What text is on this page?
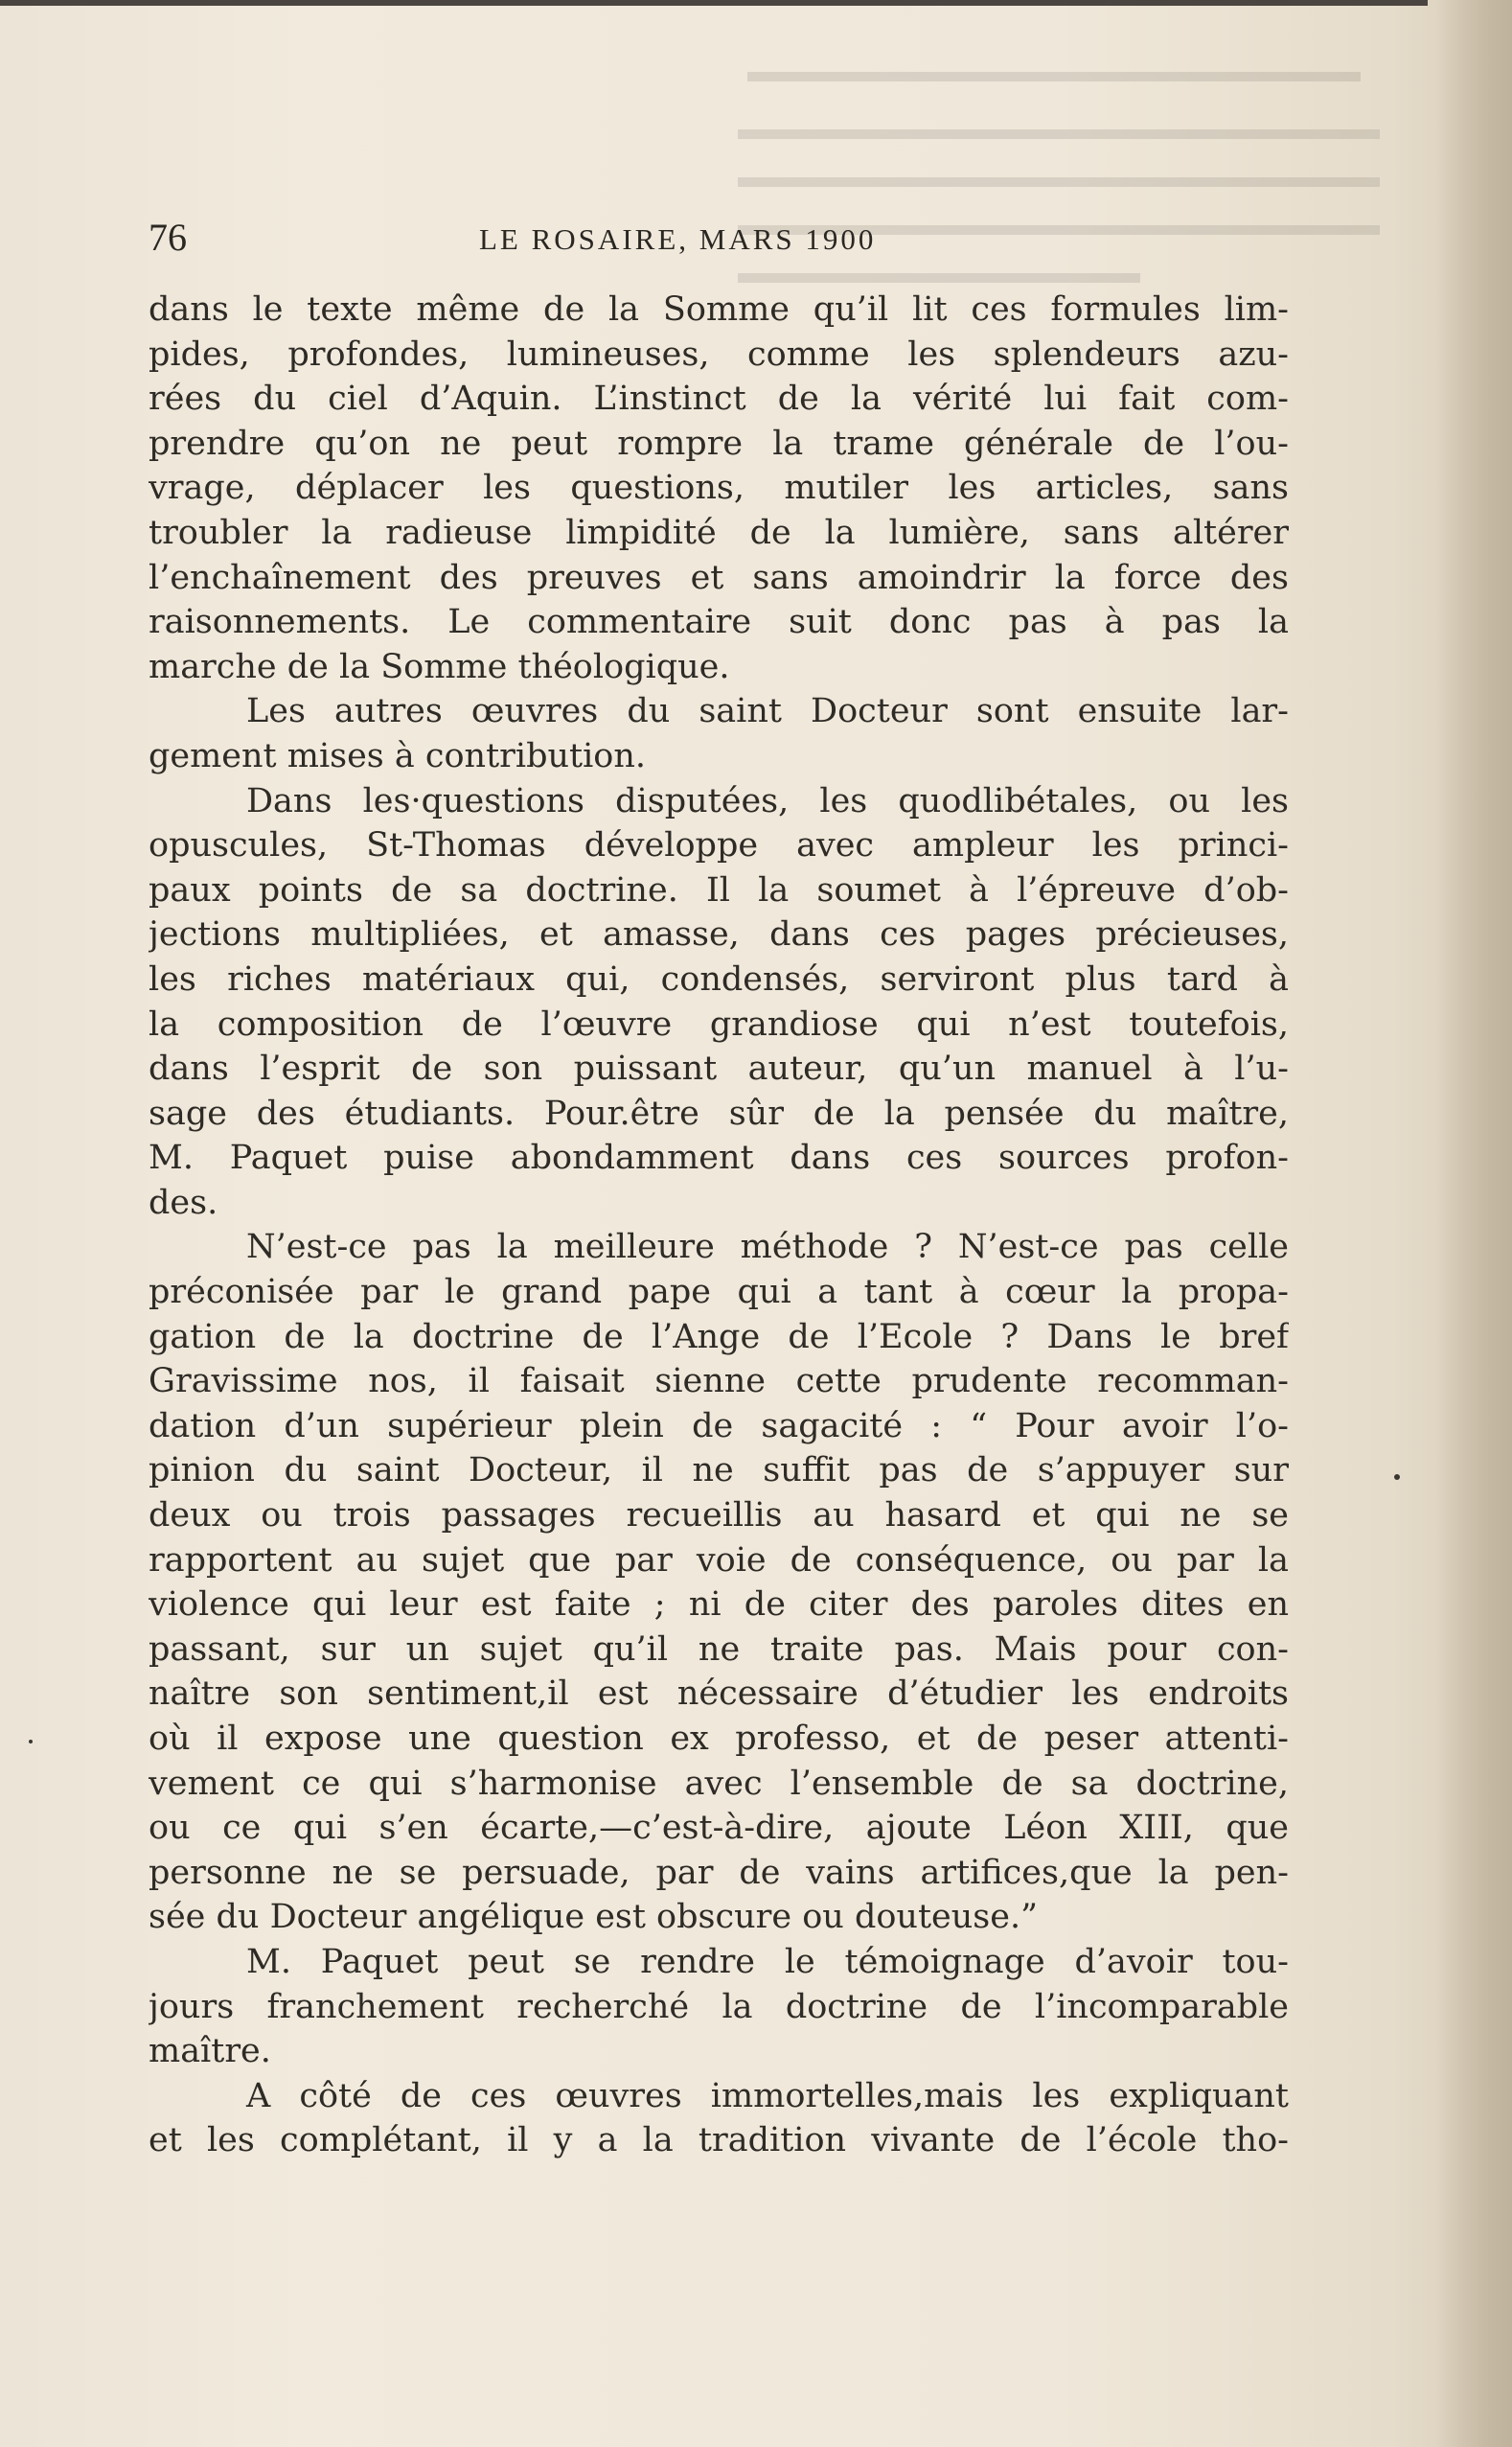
76	LE ROSAIRE, MARS 1900
dans le texte même de la Somme qu’il lit ces formules lim-
pides, profondes, lumineuses, comme les splendeurs azu-
rées du ciel d’Aquin. L’instinct de la vérité lui fait com-
prendre qu’on ne peut rompre la trame générale de l’ou-
vrage, déplacer les questions, mutiler les articles, sans
troubler la radieuse limpidité de la lumière, sans altérer
l’enchaînement des preuves et sans amoindrir la force des
raisonnements. Le commentaire suit donc pas à pas la
marche de la Somme théologique.
Les autres œuvres du saint Docteur sont ensuite lar-
gement mises à contribution.
Dans les·questions disputées, les quodlibétales, ou les
opuscules, St-Thomas développe avec ampleur les princi-
paux points de sa doctrine. Il la soumet à l’épreuve d’ob-
jections multipliées, et amasse, dans ces pages précieuses,
les riches matériaux qui, condensés, serviront plus tard à
la composition de l’œuvre grandiose qui n’est toutefois,
dans l’esprit de son puissant auteur, qu’un manuel à l’u-
sage des étudiants. Pour.être sûr de la pensée du maître,
M. Paquet puise abondamment dans ces sources profon-
des.
N’est-ce pas la meilleure méthode ? N’est-ce pas celle
préconisée par le grand pape qui a tant à cœur la propa-
gation de la doctrine de l’Ange de l’Ecole ? Dans le bref
Gravissime nos, il faisait sienne cette prudente recomman-
dation d’un supérieur plein de sagacité : “ Pour avoir l’o-
pinion du saint Docteur, il ne suffit pas de s’appuyer sur
deux ou trois passages recueillis au hasard et qui ne se
rapportent au sujet que par voie de conséquence, ou par la
violence qui leur est faite ; ni de citer des paroles dites en
passant, sur un sujet qu’il ne traite pas. Mais pour con-
naître son sentiment,il est nécessaire d’étudier les endroits
où il expose une question ex professo, et de peser attenti-
vement ce qui s’harmonise avec l’ensemble de sa doctrine,
ou ce qui s’en écarte,—c’est-à-dire, ajoute Léon XIII, que
personne ne se persuade, par de vains artifices,que la pen-
sée du Docteur angélique est obscure ou douteuse.”
M. Paquet peut se rendre le témoignage d’avoir tou-
jours franchement recherché la doctrine de l’incomparable
maître.
A côté de ces œuvres immortelles,mais les expliquant
et les complétant, il y a la tradition vivante de l’école tho-
